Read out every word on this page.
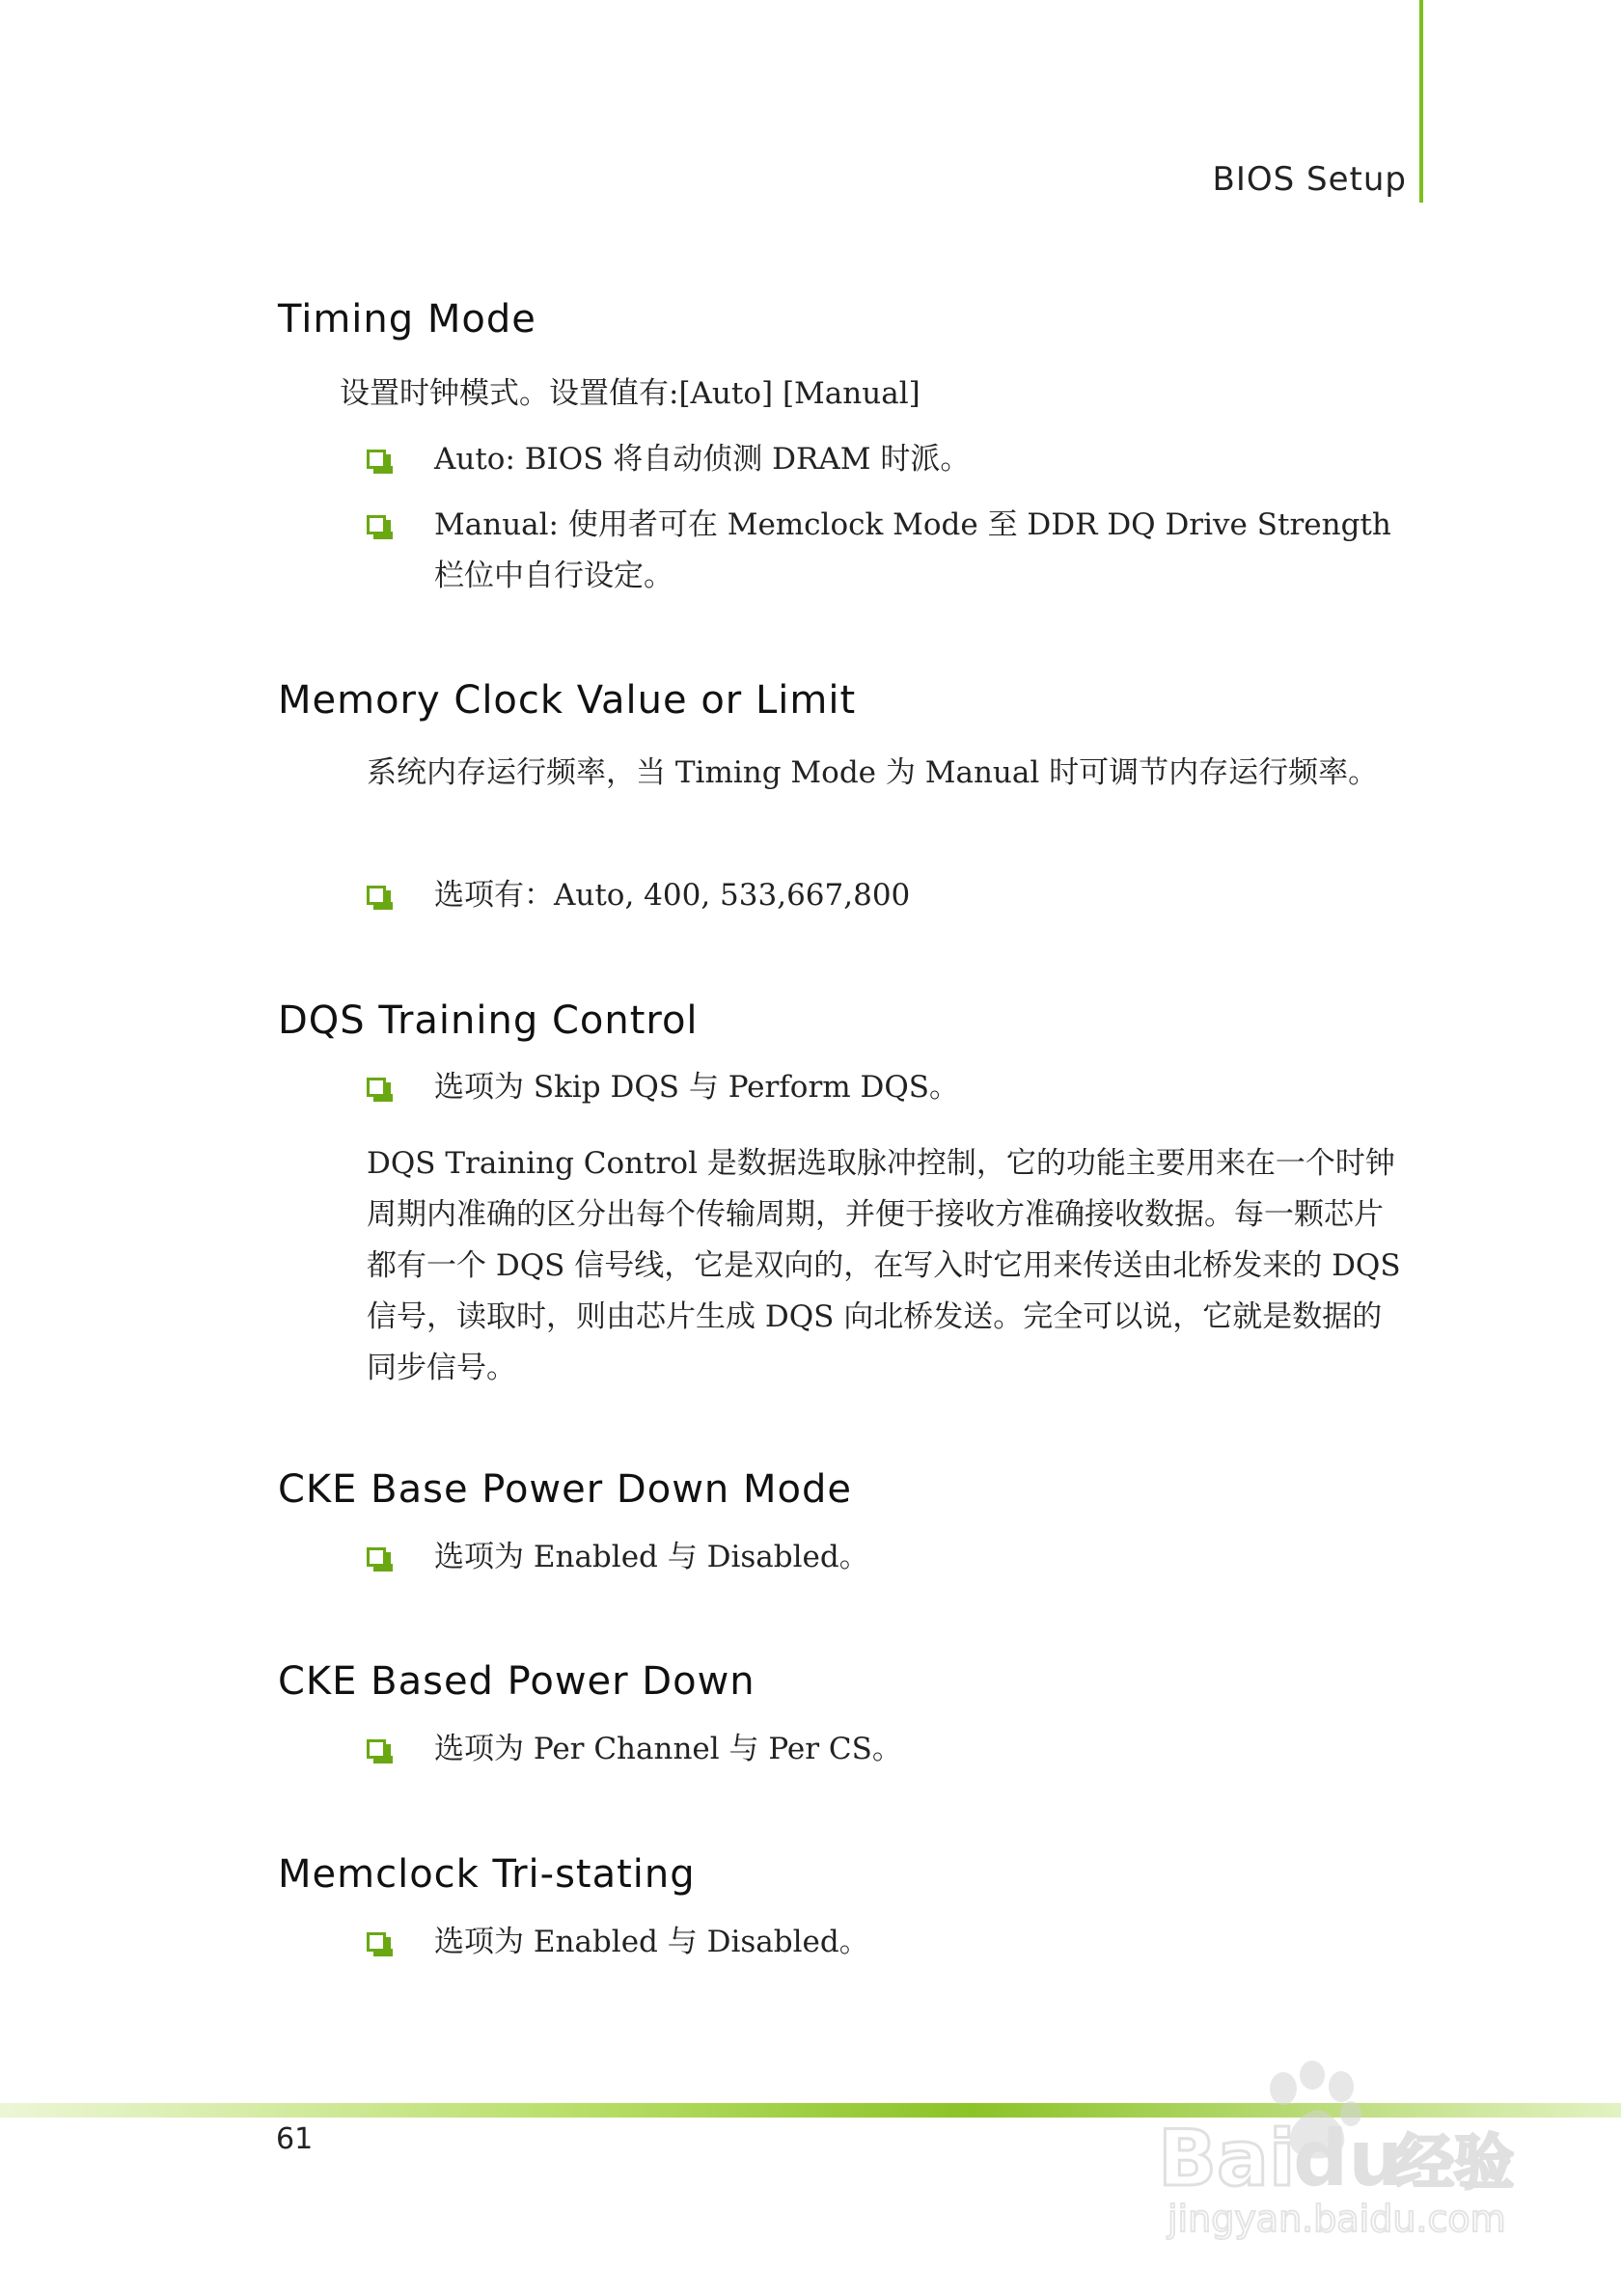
BIOS Setup
Timing Mode
设置时钟模式。设置值有:[Auto] [Manual]
Auto: BIOS 将自动侦测 DRAM 时派。
Manual: 使用者可在 Memclock Mode 至 DDR DQ Drive Strength 栏位中自行设定。
Memory Clock Value or Limit
系统内存运行频率，当 Timing Mode 为 Manual 时可调节内存运行频率。
选项有：Auto, 400, 533,667,800
DQS Training Control
选项为 Skip DQS 与 Perform DQS。
DQS Training Control 是数据选取脉冲控制，它的功能主要用来在一个时钟周期内准确的区分出每个传输周期，并便于接收方准确接收数据。每一颗芯片都有一个 DQS 信号线，它是双向的，在写入时它用来传送由北桥发来的 DQS 信号，读取时，则由芯片生成 DQS 向北桥发送。完全可以说，它就是数据的同步信号。
CKE Base Power Down Mode
选项为 Enabled 与 Disabled。
CKE Based Power Down
选项为 Per Channel 与 Per CS。
Memclock Tri-stating
选项为 Enabled 与 Disabled。
61	Bai
du
经验
jingyan.baidu.com
